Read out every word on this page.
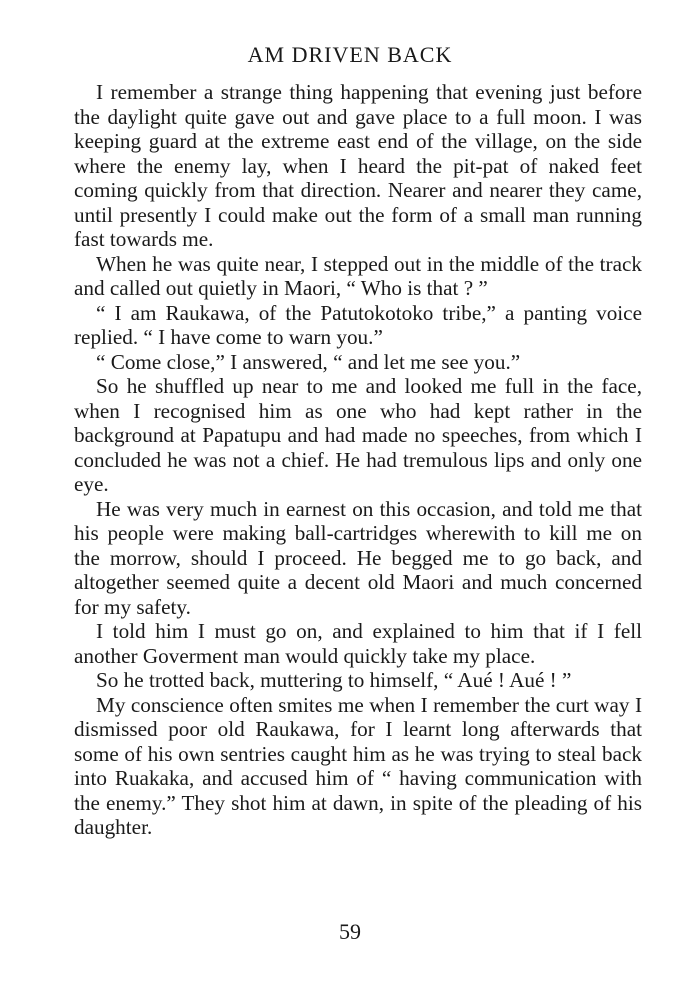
AM DRIVEN BACK

I remember a strange thing happening that evening just before the daylight quite gave out and gave place to a full moon. I was keeping guard at the extreme east end of the village, on the side where the enemy lay, when I heard the pit-pat of naked feet coming quickly from that direction. Nearer and nearer they came, until presently I could make out the form of a small man running fast towards me.

When he was quite near, I stepped out in the middle of the track and called out quietly in Maori, “ Who is that ? ”

“ I am Raukawa, of the Patutokotoko tribe,” a panting voice replied. “ I have come to warn you.”

“ Come close,” I answered, “ and let me see you.”

So he shuffled up near to me and looked me full in the face, when I recognised him as one who had kept rather in the background at Papatupu and had made no speeches, from which I concluded he was not a chief. He had tremulous lips and only one eye.

He was very much in earnest on this occasion, and told me that his people were making ball-cartridges wherewith to kill me on the morrow, should I proceed. He begged me to go back, and altogether seemed quite a decent old Maori and much concerned for my safety.

I told him I must go on, and explained to him that if I fell another Goverment man would quickly take my place.

So he trotted back, muttering to himself, “ Aué ! Aué ! ”

My conscience often smites me when I remember the curt way I dismissed poor old Raukawa, for I learnt long afterwards that some of his own sentries caught him as he was trying to steal back into Ruakaka, and accused him of “ having communication with the enemy.” They shot him at dawn, in spite of the pleading of his daughter.

59
